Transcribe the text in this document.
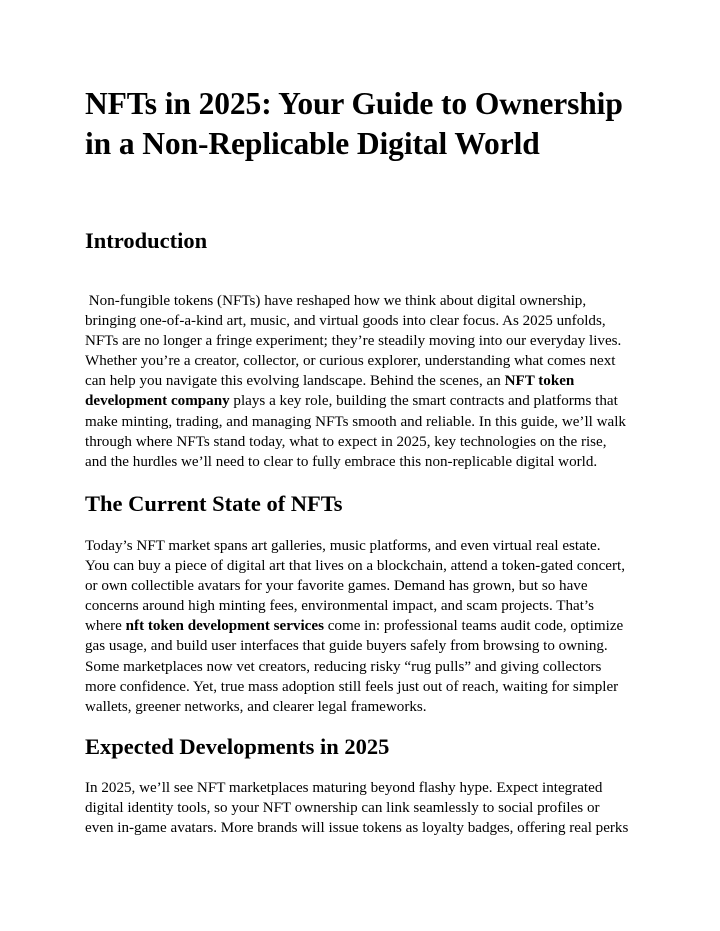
NFTs in 2025: Your Guide to Ownership
in a Non-Replicable Digital World
Introduction

Non-fungible tokens (NFTs) have reshaped how we think about digital ownership,
bringing one‑of‑a‑kind art, music, and virtual goods into clear focus. As 2025 unfolds,
NFTs are no longer a fringe experiment; they’re steadily moving into our everyday lives.
Whether you’re a creator, collector, or curious explorer, understanding what comes next
can help you navigate this evolving landscape. Behind the scenes, an NFT token
development company plays a key role, building the smart contracts and platforms that
make minting, trading, and managing NFTs smooth and reliable. In this guide, we’ll walk
through where NFTs stand today, what to expect in 2025, key technologies on the rise,
and the hurdles we’ll need to clear to fully embrace this non‑replicable digital world.

The Current State of NFTs

Today’s NFT market spans art galleries, music platforms, and even virtual real estate.
You can buy a piece of digital art that lives on a blockchain, attend a token‑gated concert,
or own collectible avatars for your favorite games. Demand has grown, but so have
concerns around high minting fees, environmental impact, and scam projects. That’s
where nft token development services come in: professional teams audit code, optimize
gas usage, and build user interfaces that guide buyers safely from browsing to owning.
Some marketplaces now vet creators, reducing risky “rug pulls” and giving collectors
more confidence. Yet, true mass adoption still feels just out of reach, waiting for simpler
wallets, greener networks, and clearer legal frameworks.

Expected Developments in 2025

In 2025, we’ll see NFT marketplaces maturing beyond flashy hype. Expect integrated
digital identity tools, so your NFT ownership can link seamlessly to social profiles or
even in‑game avatars. More brands will issue tokens as loyalty badges, offering real perks
